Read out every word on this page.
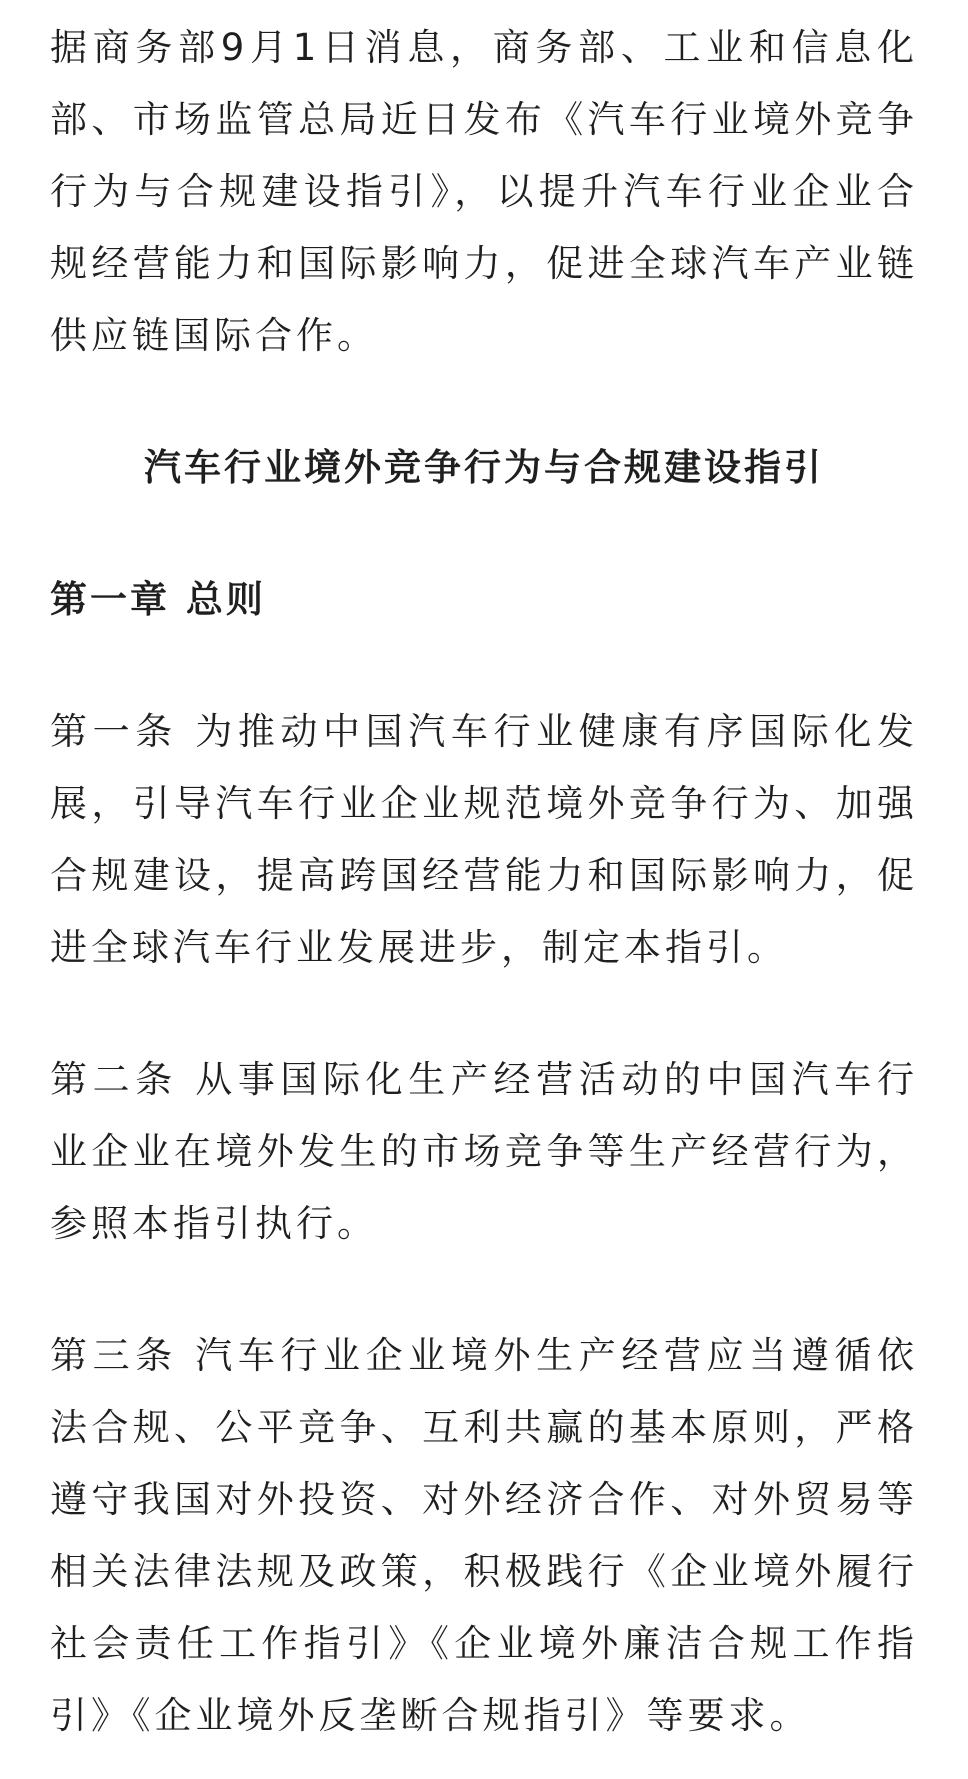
据商务部9月1日消息，商务部、工业和信息化部、市场监管总局近日发布《汽车行业境外竞争行为与合规建设指引》，以提升汽车行业企业合规经营能力和国际影响力，促进全球汽车产业链供应链国际合作。

汽车行业境外竞争行为与合规建设指引

第一章 总则

第一条 为推动中国汽车行业健康有序国际化发展，引导汽车行业企业规范境外竞争行为、加强合规建设，提高跨国经营能力和国际影响力，促进全球汽车行业发展进步，制定本指引。

第二条 从事国际化生产经营活动的中国汽车行业企业在境外发生的市场竞争等生产经营行为，参照本指引执行。

第三条 汽车行业企业境外生产经营应当遵循依法合规、公平竞争、互利共赢的基本原则，严格遵守我国对外投资、对外经济合作、对外贸易等相关法律法规及政策，积极践行《企业境外履行社会责任工作指引》《企业境外廉洁合规工作指引》《企业境外反垄断合规指引》等要求。
